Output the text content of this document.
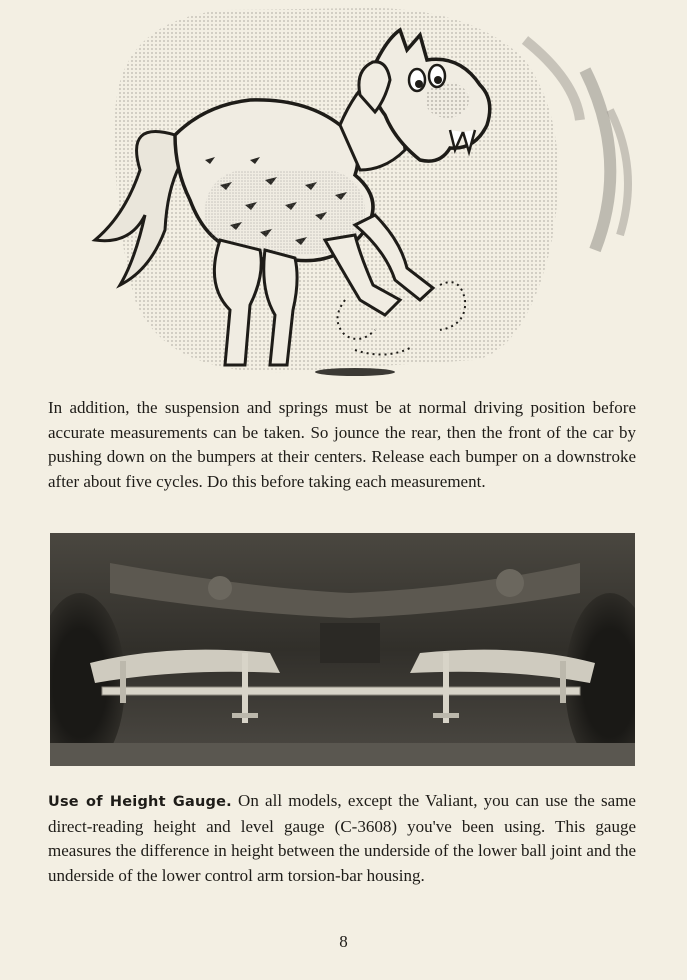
In addition, the suspension and springs must be at normal driving position before accurate measurements can be taken. So jounce the rear, then the front of the car by pushing down on the bumpers at their centers. Release each bumper on a downstroke after about five cycles. Do this before taking each measurement.

Use of Height Gauge. On all models, except the Valiant, you can use the same direct-reading height and level gauge (C-3608) you've been using. This gauge measures the difference in height between the underside of the lower ball joint and the underside of the lower control arm torsion-bar housing.

8
